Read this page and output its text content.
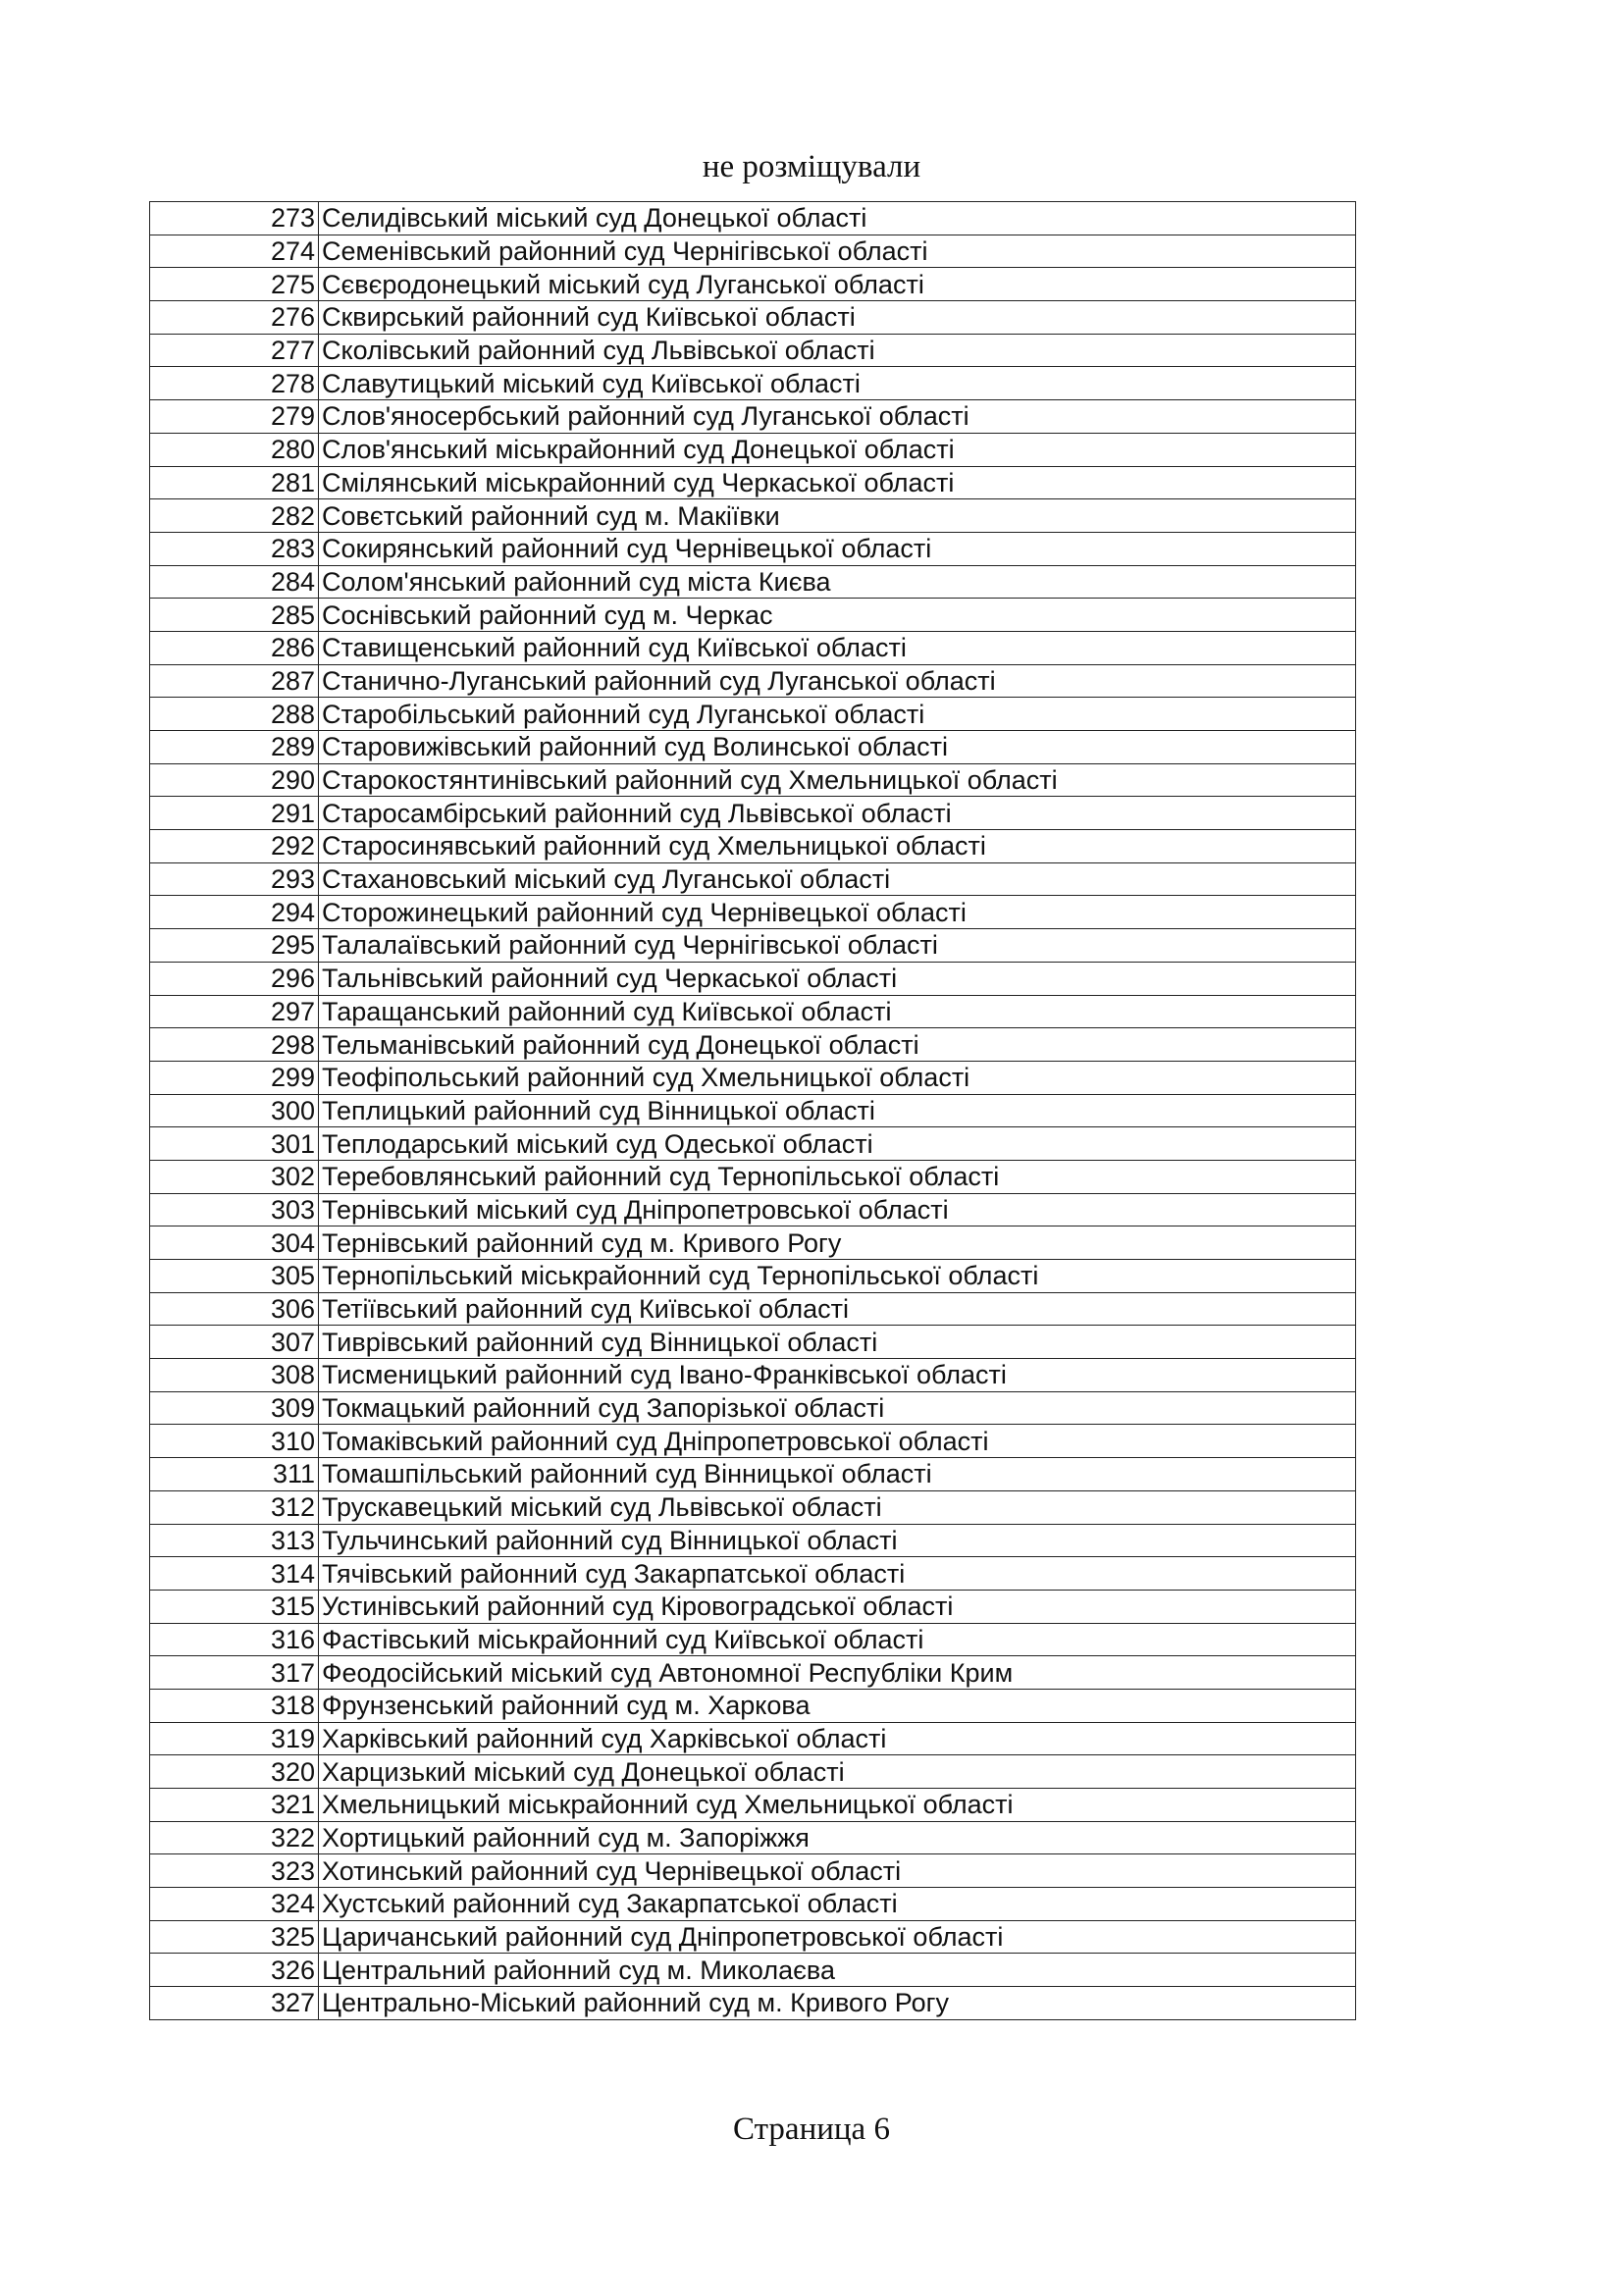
не розміщували
273	Селидівський міський суд Донецької області
274	Семенівський районний суд Чернігівської області
275	Сєвєродонецький міський суд Луганської області
276	Сквирський районний суд Київської області
277	Сколівський районний суд Львівської області
278	Славутицький міський суд Київської області
279	Слов'яносербський районний суд Луганської області
280	Слов'янський міськрайонний суд Донецької області
281	Смілянський міськрайонний суд Черкаської області
282	Совєтський районний суд м. Макіївки
283	Сокирянський районний суд Чернівецької області
284	Солом'янський районний суд міста Києва
285	Соснівський районний суд м. Черкас
286	Ставищенський районний суд Київської області
287	Станично-Луганський районний суд Луганської області
288	Старобільський районний суд Луганської області
289	Старовижівський районний суд Волинської області
290	Старокостянтинівський районний суд Хмельницької області
291	Старосамбірський районний суд Львівської області
292	Старосинявський районний суд Хмельницької області
293	Стахановський міський суд Луганської області
294	Сторожинецький районний суд Чернівецької області
295	Талалаївський районний суд Чернігівської області
296	Тальнівський районний суд Черкаської області
297	Таращанський районний суд Київської області
298	Тельманівський районний суд Донецької області
299	Теофіпольський районний суд Хмельницької області
300	Теплицький районний суд Вінницької області
301	Теплодарський міський суд Одеської області
302	Теребовлянський районний суд Тернопільської області
303	Тернівський міський суд Дніпропетровської області
304	Тернівський районний суд м. Кривого Рогу
305	Тернопільський міськрайонний суд Тернопільської області
306	Тетіївський районний суд Київської області
307	Тиврівський районний суд Вінницької області
308	Тисменицький районний суд Івано-Франківської області
309	Токмацький районний суд Запорізької області
310	Томаківський районний суд Дніпропетровської області
311	Томашпільський районний суд Вінницької області
312	Трускавецький міський суд Львівської області
313	Тульчинський районний суд Вінницької області
314	Тячівський районний суд Закарпатської області
315	Устинівський районний суд Кіровоградської області
316	Фастівський міськрайонний суд Київської області
317	Феодосійський міський суд Автономної Республіки Крим
318	Фрунзенський районний суд м. Харкова
319	Харківський районний суд Харківської області
320	Харцизький міський суд Донецької області
321	Хмельницький міськрайонний суд Хмельницької області
322	Хортицький районний суд м. Запоріжжя
323	Хотинський районний суд Чернівецької області
324	Хустський районний суд Закарпатської області
325	Царичанський районний суд Дніпропетровської області
326	Центральний районний суд м. Миколаєва
327	Центрально-Міський районний суд м. Кривого Рогу
Страница 6
